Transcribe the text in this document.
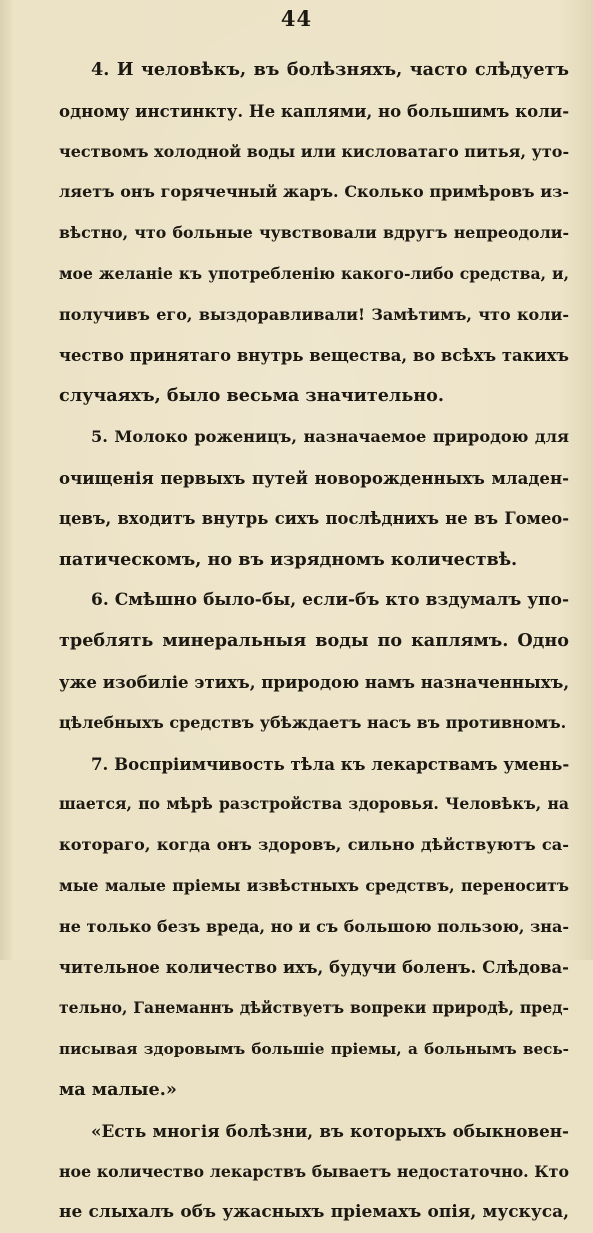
44
4. И человѣкъ, въ болѣзняхъ, часто слѣдуетъ
одному инстинкту. Не каплями, но большимъ коли-
чествомъ холодной воды или кисловатаго питья, уто-
ляетъ онъ горячечный жаръ. Сколько примѣровъ из-
вѣстно, что больные чувствовали вдругъ непреодоли-
мое желаніе къ употребленію какого-либо средства, и,
получивъ его, выздоравливали! Замѣтимъ, что коли-
чество принятаго внутрь вещества, во всѣхъ такихъ
случаяхъ, было весьма значительно.
5. Молоко роженицъ, назначаемое природою для
очищенія первыхъ путей новорожденныхъ младен-
цевъ, входитъ внутрь сихъ послѣднихъ не въ Гомео-
патическомъ, но въ изрядномъ количествѣ.
6. Смѣшно было-бы, если-бъ кто вздумалъ упо-
треблять минеральныя воды по каплямъ. Одно
уже изобиліе этихъ, природою намъ назначенныхъ,
цѣлебныхъ средствъ убѣждаетъ насъ въ противномъ.
7. Воспріимчивость тѣла къ лекарствамъ умень-
шается, по мѣрѣ разстройства здоровья. Человѣкъ, на
котораго, когда онъ здоровъ, сильно дѣйствуютъ са-
мые малые пріемы извѣстныхъ средствъ, переноситъ
не только безъ вреда, но и съ большою пользою, зна-
чительное количество ихъ, будучи боленъ. Слѣдова-
тельно, Ганеманнъ дѣйствуетъ вопреки природѣ, пред-
писывая здоровымъ большіе пріемы, а больнымъ весь-
ма малые.»
«Есть многія болѣзни, въ которыхъ обыкновен-
ное количество лекарствъ бываетъ недостаточно. Кто
не слыхалъ объ ужасныхъ пріемахъ опія, мускуса,
